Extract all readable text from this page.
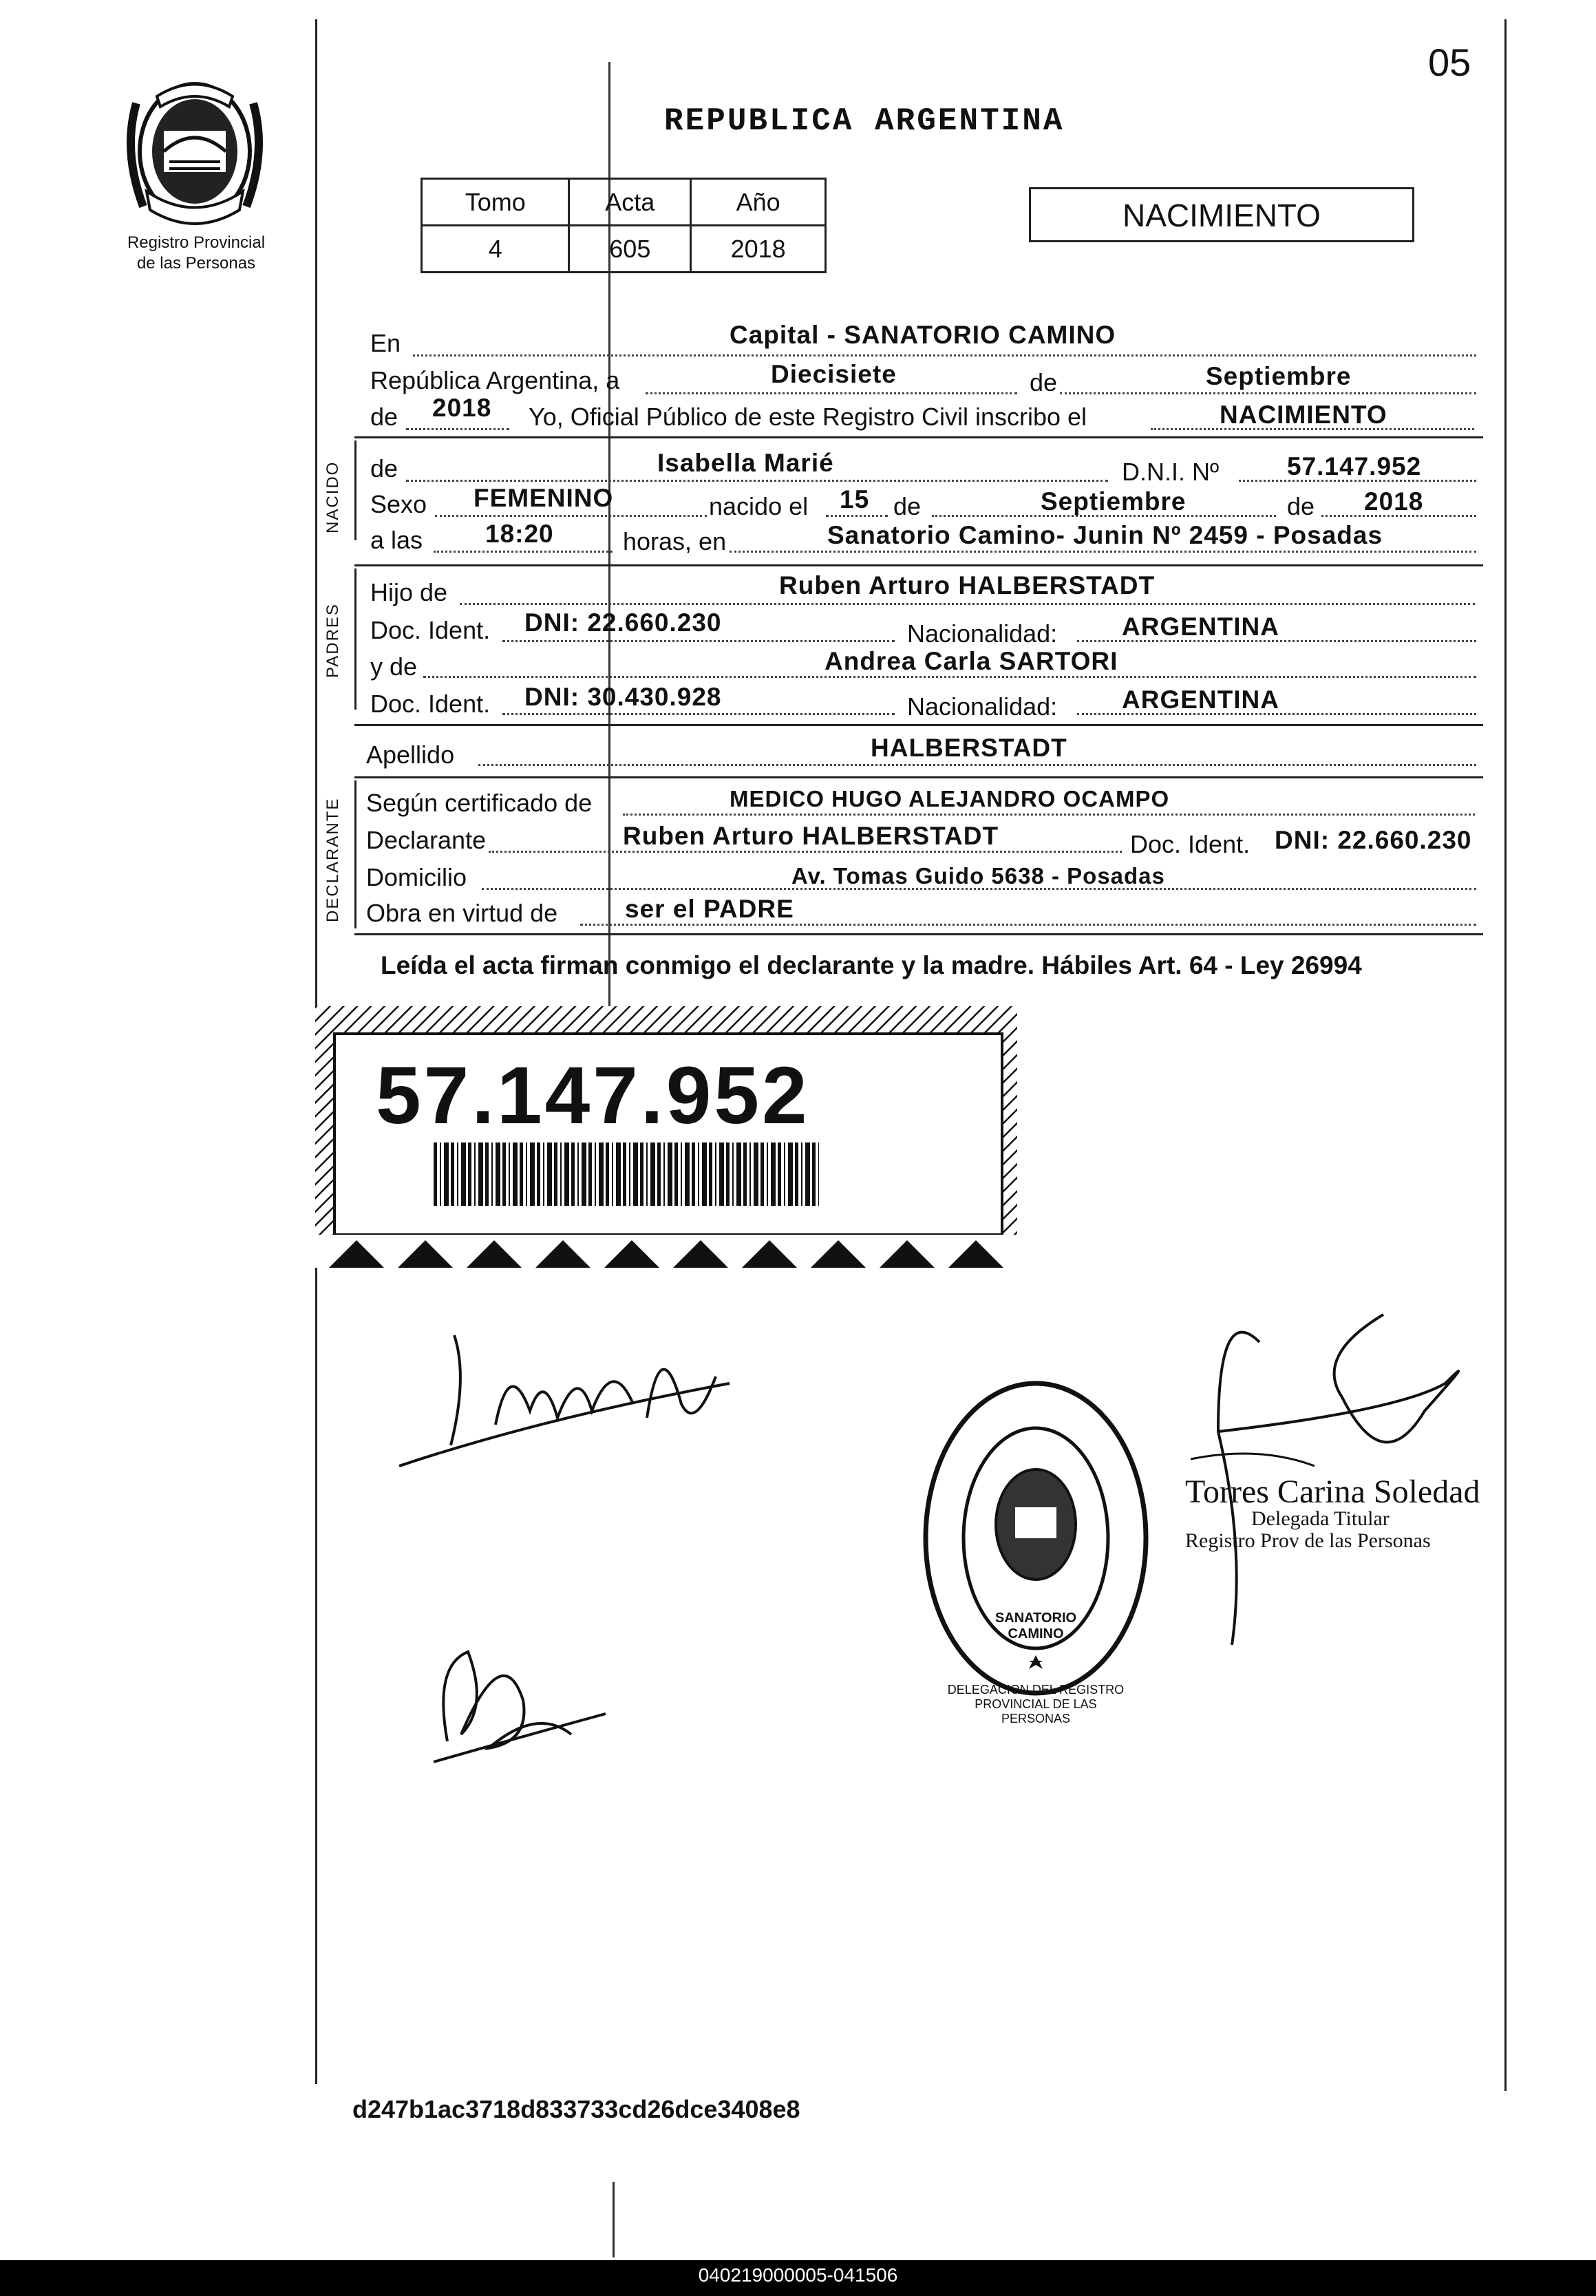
05
Registro Provincial
de las Personas
REPUBLICA ARGENTINA
Tomo	Acta	Año
4	605	2018
NACIMIENTO
En	Capital - SANATORIO CAMINO
República Argentina, a	Diecisiete	de	Septiembre
de 2018 Yo, Oficial Público de este Registro Civil inscribo el	NACIMIENTO
NACIDO de	Isabella Marié	D.N.I. Nº	57.147.952
Sexo FEMENINO	nacido el 15 de	Septiembre	de 2018
a las 18:20	horas, en	Sanatorio Camino- Junin Nº 2459 - Posadas
PADRES
Hijo de	Ruben Arturo HALBERSTADT
Doc. Ident. DNI: 22.660.230	Nacionalidad:	ARGENTINA
y de	Andrea Carla SARTORI
Doc. Ident. DNI: 30.430.928	Nacionalidad:	ARGENTINA
Apellido	HALBERSTADT
DECLARANTE Según certificado de	MEDICO HUGO ALEJANDRO OCAMPO
Declarante	Ruben Arturo HALBERSTADT	Doc. Ident. DNI: 22.660.230
Domicilio	Av. Tomas Guido 5638 - Posadas
Obra en virtud de	ser el PADRE
Leída el acta firman conmigo el declarante y la madre. Hábiles Art. 64 - Ley 26994
57.147.952
DELEGACION DEL REGISTRO PROVINCIAL DE LAS PERSONAS
SANATORIO CAMINO
Torres Carina Soledad
Delegada Titular
Registro Prov de las Personas
d247b1ac3718d833733cd26dce3408e8
040219000005-041506
